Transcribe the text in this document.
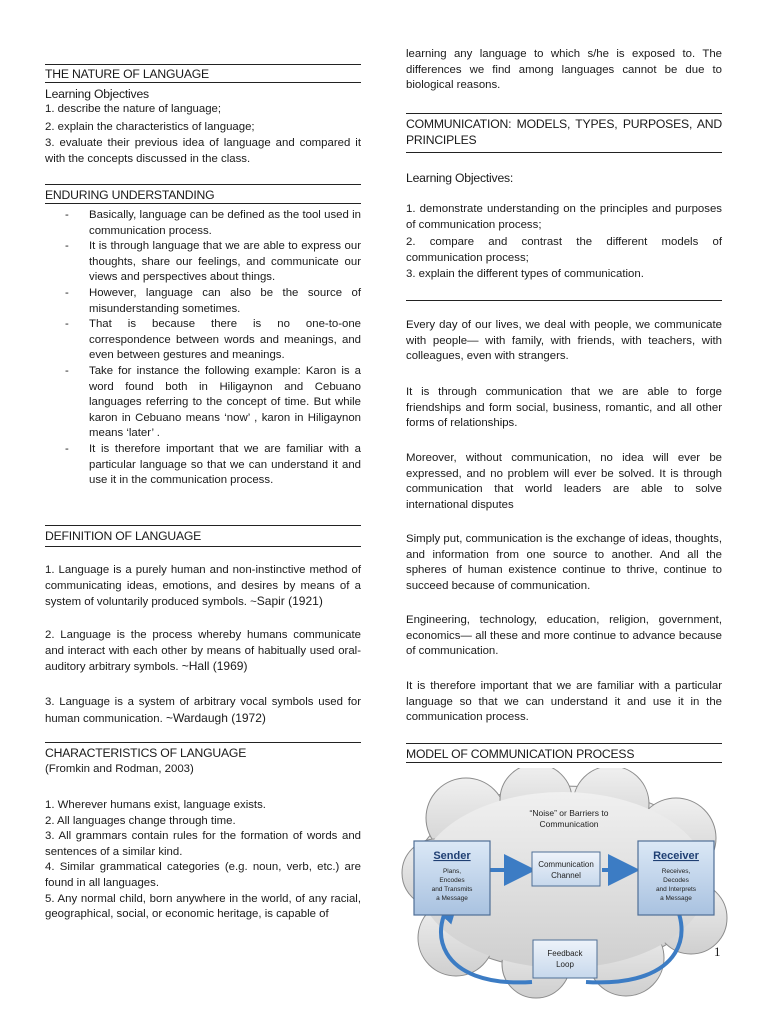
THE NATURE OF LANGUAGE

Learning Objectives

1. describe the nature of language;

2. explain the characteristics of language;

3. evaluate their previous idea of language and compared it with the concepts discussed in the class.

ENDURING UNDERSTANDING

- Basically, language can be defined as the tool used in communication process.
- It is through language that we are able to express our thoughts, share our feelings, and communicate our views and perspectives about things.
- However, language can also be the source of misunderstanding sometimes.
- That is because there is no one-to-one correspondence between words and meanings, and even between gestures and meanings.
- Take for instance the following example: Karon is a word found both in Hiligaynon and Cebuano languages referring to the concept of time. But while karon in Cebuano means ‘now’ , karon in Hiligaynon means ‘later’ .
- It is therefore important that we are familiar with a particular language so that we can understand it and use it in the communication process.

DEFINITION OF LANGUAGE

1. Language is a purely human and non-instinctive method of communicating ideas, emotions, and desires by means of a system of voluntarily produced symbols. ~Sapir (1921)

2. Language is the process whereby humans communicate and interact with each other by means of habitually used oral-auditory arbitrary symbols. ~Hall (1969)

3. Language is a system of arbitrary vocal symbols used for human communication. ~Wardaugh (1972)

CHARACTERISTICS OF LANGUAGE

(Fromkin and Rodman, 2003)

1. Wherever humans exist, language exists.

2. All languages change through time.

3. All grammars contain rules for the formation of words and sentences of a similar kind.

4. Similar grammatical categories (e.g. noun, verb, etc.) are found in all languages.

5. Any normal child, born anywhere in the world, of any racial, geographical, social, or economic heritage, is capable of

learning any language to which s/he is exposed to. The differences we find among languages cannot be due to biological reasons.

COMMUNICATION: MODELS, TYPES, PURPOSES, AND PRINCIPLES

Learning Objectives:

1. demonstrate understanding on the principles and purposes of communication process;

2. compare and contrast the different models of communication process;

3. explain the different types of communication.

Every day of our lives, we deal with people, we communicate with people— with family, with friends, with teachers, with colleagues, even with strangers.

It is through communication that we are able to forge friendships and form social, business, romantic, and all other forms of relationships.

Moreover, without communication, no idea will ever be expressed, and no problem will ever be solved. It is through communication that world leaders are able to solve international disputes

Simply put, communication is the exchange of ideas, thoughts, and information from one source to another. And all the spheres of human existence continue to thrive, continue to succeed because of communication.

Engineering, technology, education, religion, government, economics— all these and more continue to advance because of communication.

It is therefore important that we are familiar with a particular language so that we can understand it and use it in the communication process.

MODEL OF COMMUNICATION PROCESS

“Noise” or Barriers to
Communication
Sender
Plans,
Encodes
and Transmits
a Message
Communication
Channel
Receiver
Receives,
Decodes
and Interprets
a Message
Feedback
Loop
1
